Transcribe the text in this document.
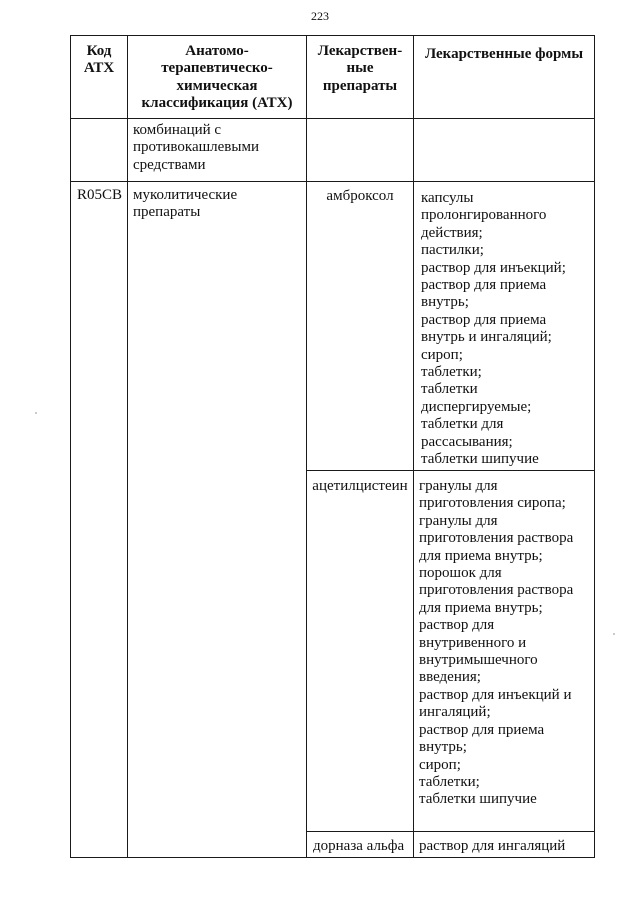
223
Код
АТХ
Анатомо-
терапевтическо-
химическая
классификация (АТХ)
Лекарствен-
ные
препараты
Лекарственные формы
комбинаций с
противокашлевыми
средствами
R05CB муколитические
препараты
амброксол	капсулы
пролонгированного
действия;
пастилки;
раствор для инъекций;
раствор для приема
внутрь;
раствор для приема
внутрь и ингаляций;
сироп;
таблетки;
таблетки
диспергируемые;
таблетки для
рассасывания;
таблетки шипучие
ацетилцистеин гранулы для
приготовления сиропа;
гранулы для
приготовления раствора
для приема внутрь;
порошок для
приготовления раствора
для приема внутрь;
раствор для
внутривенного и
внутримышечного
введения;
раствор для инъекций и
ингаляций;
раствор для приема
внутрь;
сироп;
таблетки;
таблетки шипучие
дорназа альфа раствор для ингаляций
